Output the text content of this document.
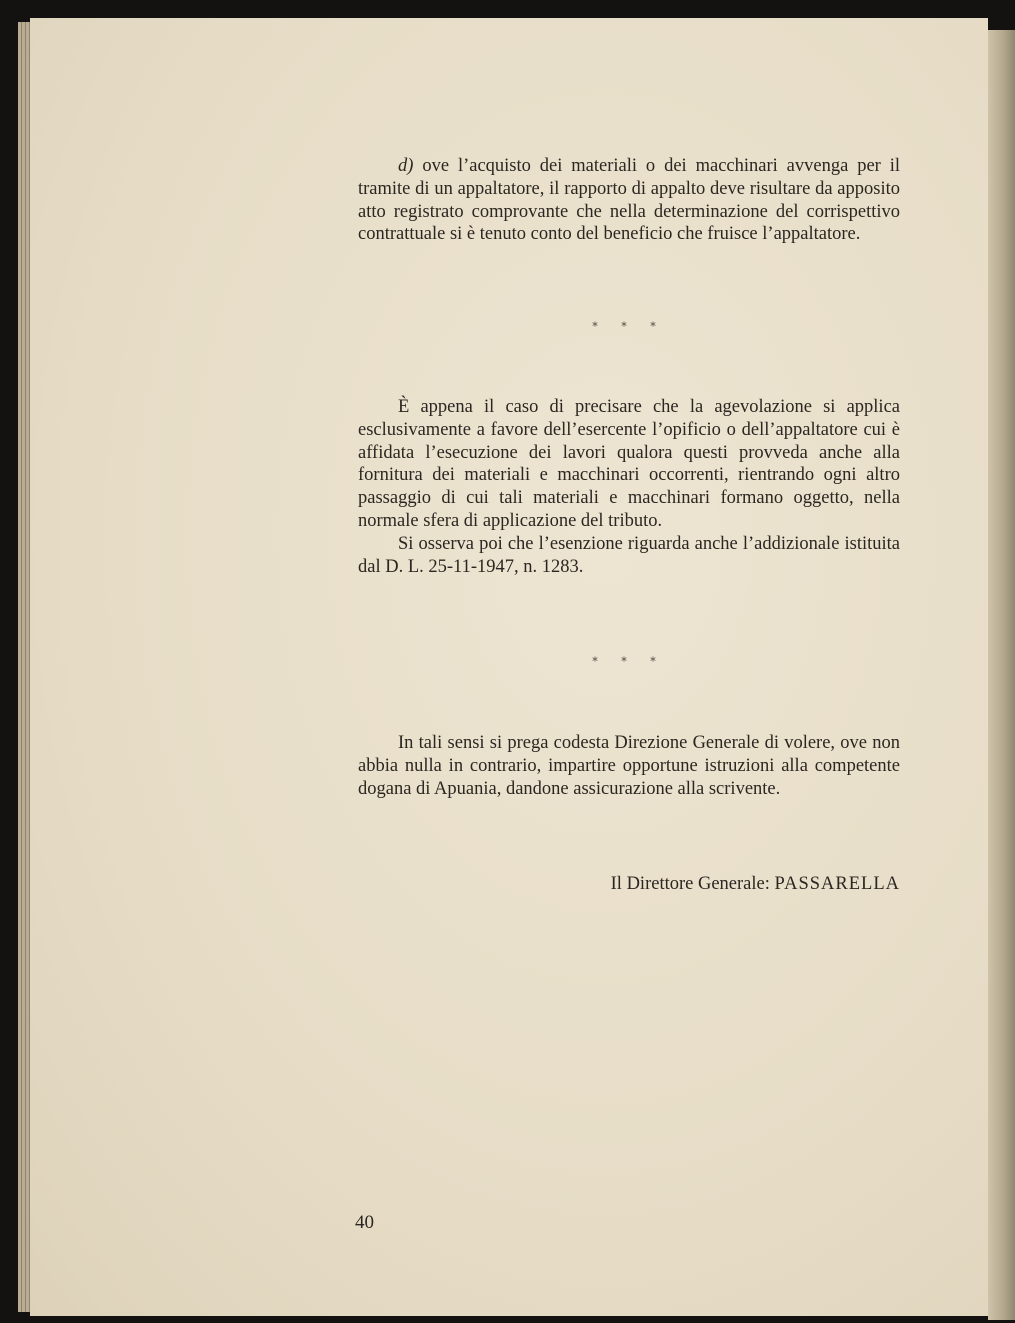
d) ove l’acquisto dei materiali o dei macchinari avvenga per il tramite di un appaltatore, il rapporto di appalto deve risultare da apposito atto registrato comprovante che nella determinazione del corrispettivo contrattuale si è tenuto conto del beneficio che fruisce l’appaltatore.

* * *

È appena il caso di precisare che la agevolazione si applica esclusivamente a favore dell’esercente l’opificio o dell’appaltatore cui è affidata l’esecuzione dei lavori qualora questi provveda anche alla fornitura dei materiali e macchinari occorrenti, rientrando ogni altro passaggio di cui tali materiali e macchinari formano oggetto, nella normale sfera di applicazione del tributo.

Si osserva poi che l’esenzione riguarda anche l’addizionale istituita dal D. L. 25-11-1947, n. 1283.

* * *

In tali sensi si prega codesta Direzione Generale di volere, ove non abbia nulla in contrario, impartire opportune istruzioni alla competente dogana di Apuania, dandone assicurazione alla scrivente.

Il Direttore Generale: PASSARELLA
40
